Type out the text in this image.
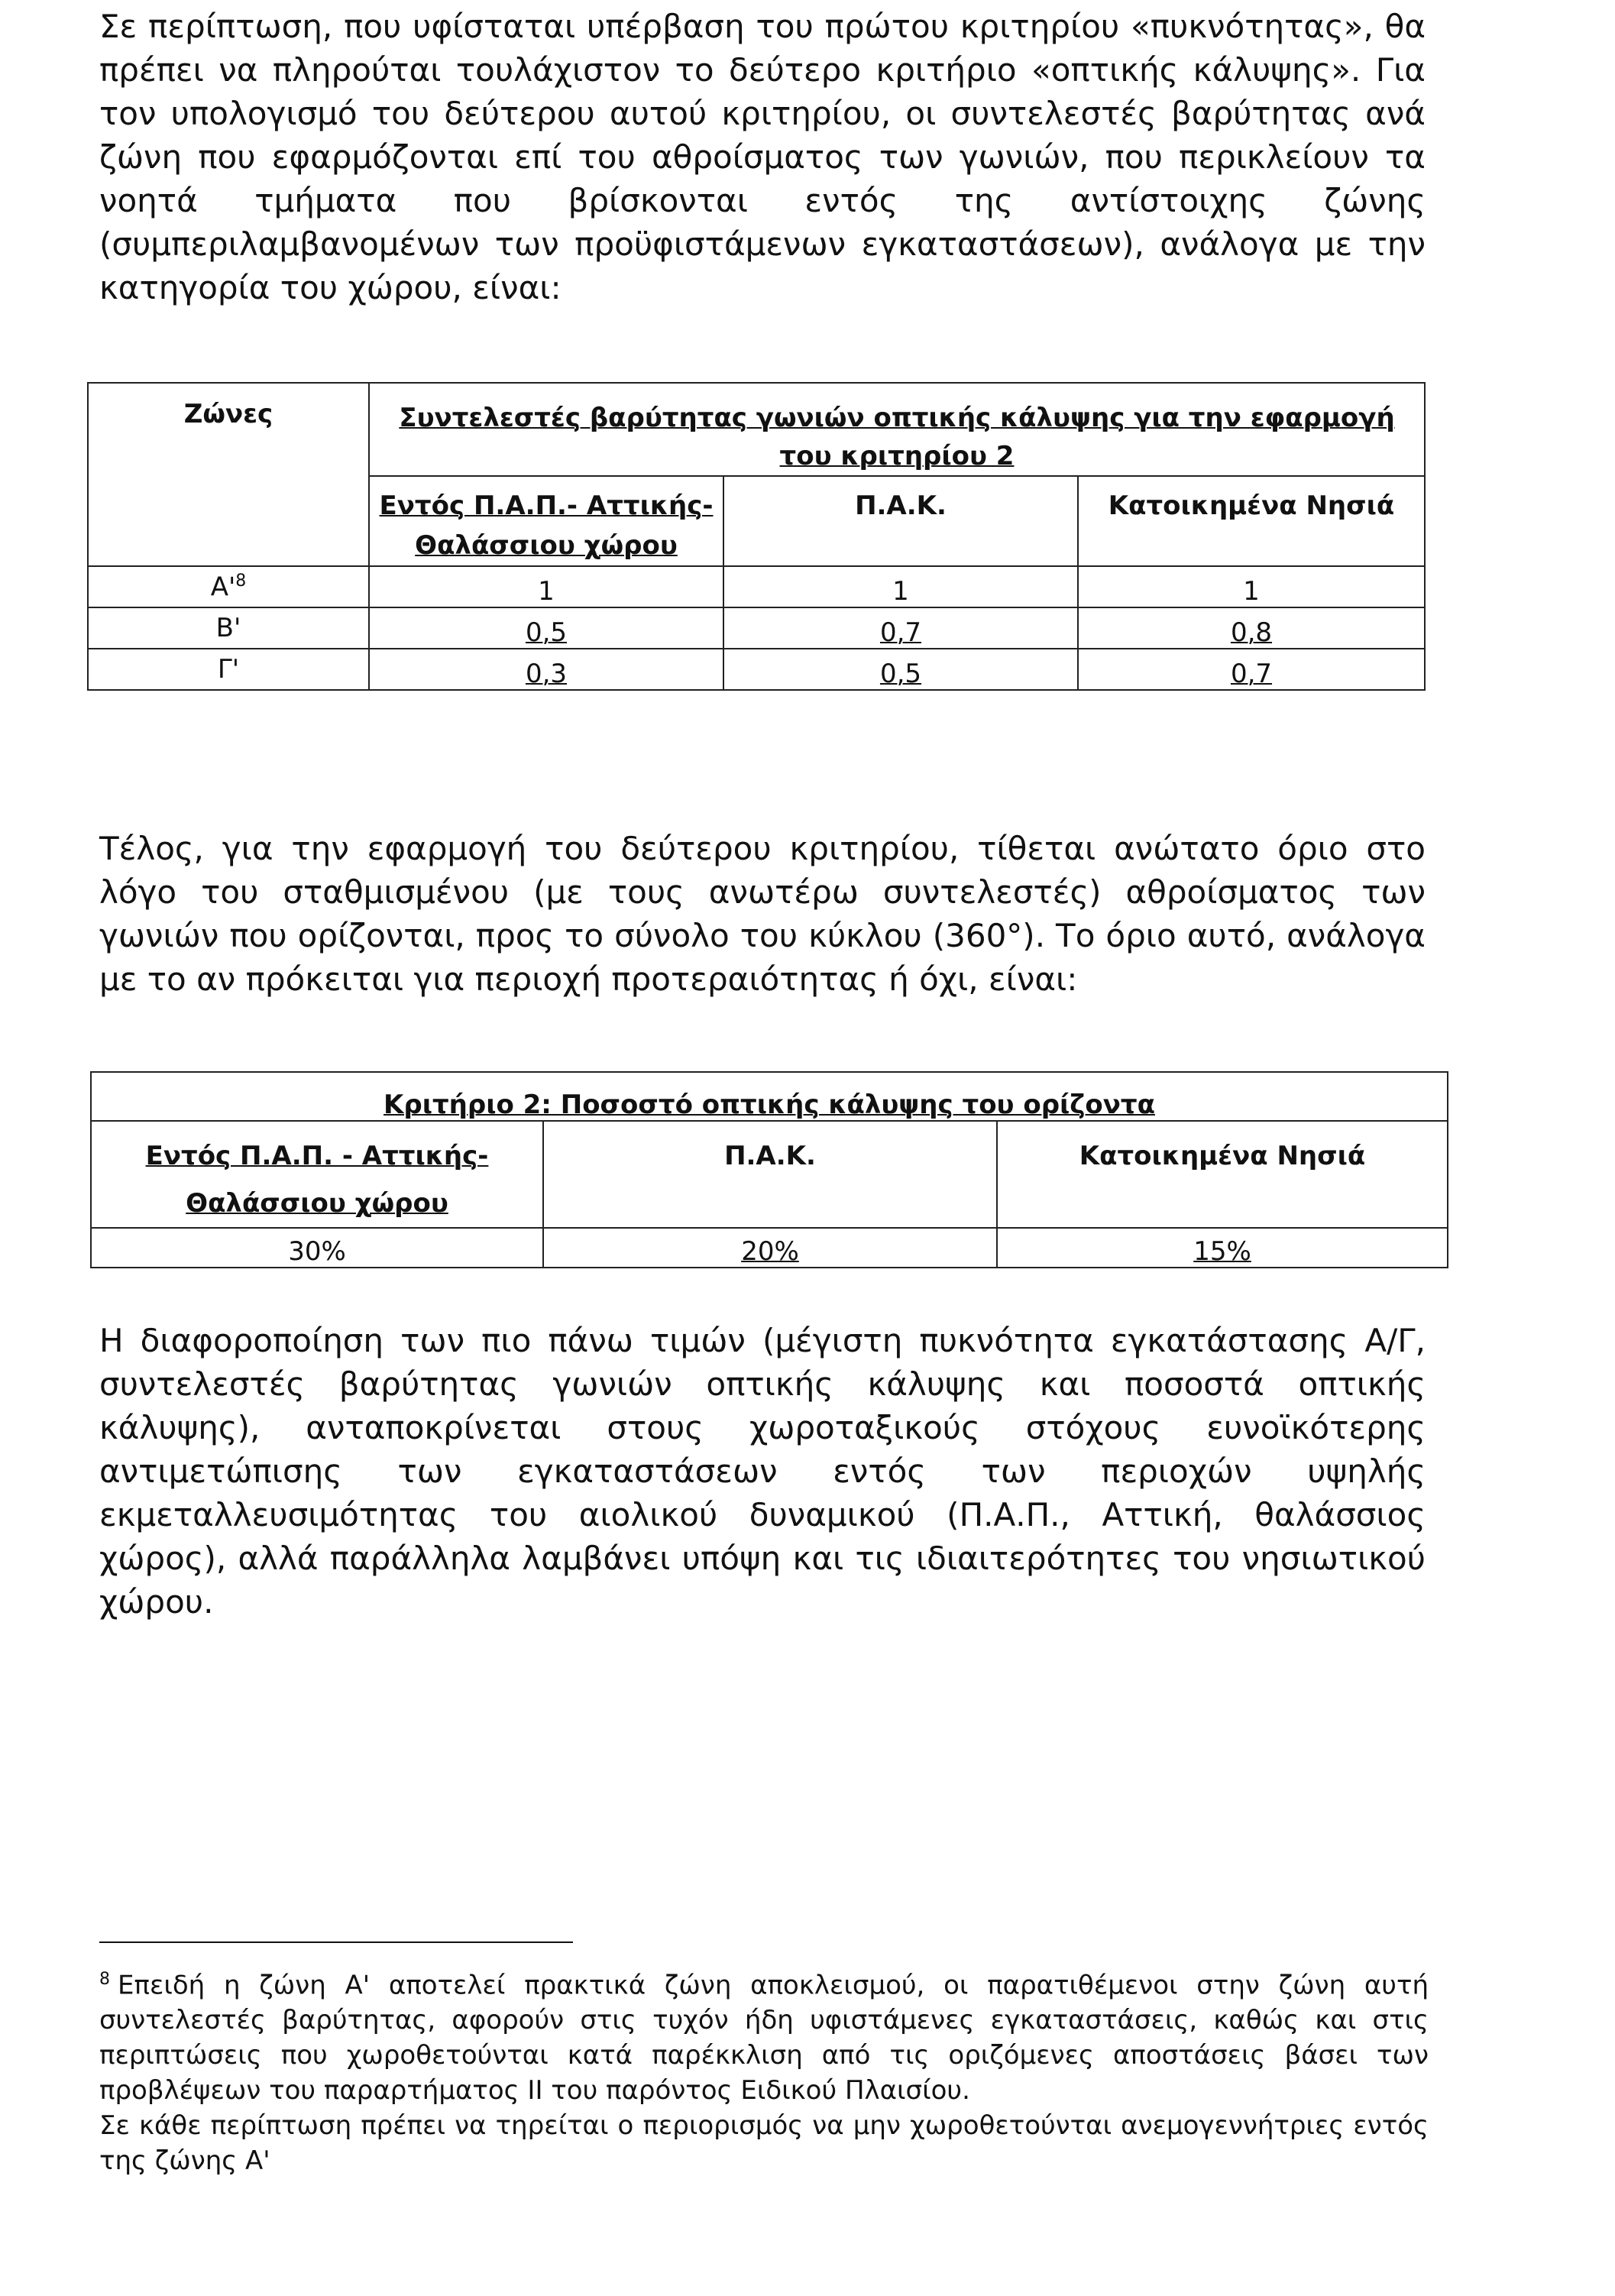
Σε περίπτωση, που υφίσταται υπέρβαση του πρώτου κριτηρίου «πυκνότητας», θα πρέπει να πληρούται τουλάχιστον το δεύτερο κριτήριο «οπτικής κάλυψης». Για τον υπολογισμό του δεύτερου αυτού κριτηρίου, οι συντελεστές βαρύτητας ανά ζώνη που εφαρμόζονται επί του αθροίσματος των γωνιών, που περικλείουν τα νοητά τμήματα που βρίσκονται εντός της αντίστοιχης ζώνης (συμπεριλαμβανομένων των προϋφιστάμενων εγκαταστάσεων), ανάλογα με την κατηγορία του χώρου, είναι:
Ζώνες	Συντελεστές βαρύτητας γωνιών οπτικής κάλυψης για την εφαρμογή του κριτηρίου 2		
	Εντός Π.Α.Π.- Αττικής-Θαλάσσιου χώρου	Π.Α.Κ.	Κατοικημένα Νησιά
$A'^8$	1	1	1
Β'	0,5	0,7	0,8
Γ'	0,3	0,5	0,7
Τέλος, για την εφαρμογή του δεύτερου κριτηρίου, τίθεται ανώτατο όριο στο λόγο του σταθμισμένου (με τους ανωτέρω συντελεστές) αθροίσματος των γωνιών που ορίζονται, προς το σύνολο του κύκλου (360°). Το όριο αυτό, ανάλογα με το αν πρόκειται για περιοχή προτεραιότητας ή όχι, είναι:
Κριτήριο 2: Ποσοστό οπτικής κάλυψης του ορίζοντα		
Εντός Π.Α.Π. - Αττικής-Θαλάσσιου χώρου	Π.Α.Κ.	Κατοικημένα Νησιά
30%	20%	15%
Η διαφοροποίηση των πιο πάνω τιμών (μέγιστη πυκνότητα εγκατάστασης Α/Γ, συντελεστές βαρύτητας γωνιών οπτικής κάλυψης και ποσοστά οπτικής κάλυψης), ανταποκρίνεται στους χωροταξικούς στόχους ευνοϊκότερης αντιμετώπισης των εγκαταστάσεων εντός των περιοχών υψηλής εκμεταλλευσιμότητας του αιολικού δυναμικού (Π.Α.Π., Αττική, θαλάσσιος χώρος), αλλά παράλληλα λαμβάνει υπόψη και τις ιδιαιτερότητες του νησιωτικού χώρου.

$^8$ Επειδή η ζώνη Α' αποτελεί πρακτικά ζώνη αποκλεισμού, οι παρατιθέμενοι στην ζώνη αυτή συντελεστές βαρύτητας, αφορούν στις τυχόν ήδη υφιστάμενες εγκαταστάσεις, καθώς και στις περιπτώσεις που χωροθετούνται κατά παρέκκλιση από τις οριζόμενες αποστάσεις βάσει των προβλέψεων του παραρτήματος ΙΙ του παρόντος Ειδικού Πλαισίου.

Σε κάθε περίπτωση πρέπει να τηρείται ο περιορισμός να μην χωροθετούνται ανεμογεννήτριες εντός της ζώνης Α'
